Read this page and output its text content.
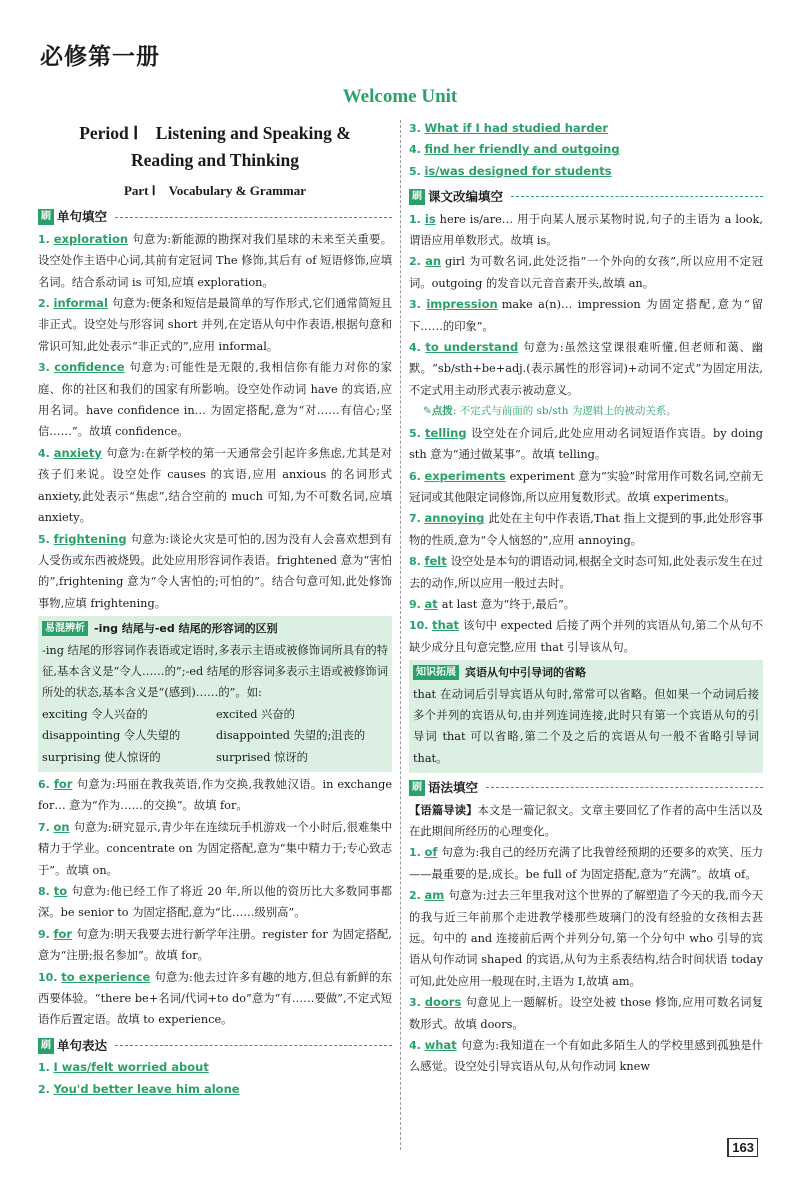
必修第一册
Welcome Unit
Period Ⅰ　Listening and Speaking &
Reading and Thinking
Part Ⅰ　Vocabulary & Grammar
刷 单句填空
1. exploration 句意为:新能源的勘探对我们星球的未来至关重要。设空处作主语中心词,其前有定冠词 The 修饰,其后有 of 短语修饰,应填名词。结合系动词 is 可知,应填 exploration。
2. informal 句意为:便条和短信是最简单的写作形式,它们通常简短且非正式。设空处与形容词 short 并列,在定语从句中作表语,根据句意和常识可知,此处表示“非正式的”,应用 informal。
3. confidence 句意为:可能性是无限的,我相信你有能力对你的家庭、你的社区和我们的国家有所影响。设空处作动词 have 的宾语,应用名词。have confidence in… 为固定搭配,意为“对……有信心;坚信……”。故填 confidence。
4. anxiety 句意为:在新学校的第一天通常会引起许多焦虑,尤其是对孩子们来说。设空处作 causes 的宾语,应用 anxious 的名词形式 anxiety,此处表示“焦虑”,结合空前的 much 可知,为不可数名词,应填 anxiety。
5. frightening 句意为:谈论火灾是可怕的,因为没有人会喜欢想到有人受伤或东西被烧毁。此处应用形容词作表语。frightened 意为“害怕的”,frightening 意为“令人害怕的;可怕的”。结合句意可知,此处修饰事物,应填 frightening。
易混辨析 -ing 结尾与-ed 结尾的形容词的区别

-ing 结尾的形容词作表语或定语时,多表示主语或被修饰词所具有的特征,基本含义是“令人……的”;-ed 结尾的形容词多表示主语或被修饰词所处的状态,基本含义是“(感到)……的”。如:

exciting 令人兴奋的	excited 兴奋的
disappointing 令人失望的	disappointed 失望的;沮丧的
surprising 使人惊讶的	surprised 惊讶的
6. for 句意为:玛丽在教我英语,作为交换,我教她汉语。in exchange for… 意为“作为……的交换”。故填 for。
7. on 句意为:研究显示,青少年在连续玩手机游戏一个小时后,很难集中精力于学业。concentrate on 为固定搭配,意为“集中精力于;专心致志于”。故填 on。
8. to 句意为:他已经工作了将近 20 年,所以他的资历比大多数同事都深。be senior to 为固定搭配,意为“比……级别高”。
9. for 句意为:明天我要去进行新学年注册。register for 为固定搭配,意为“注册;报名参加”。故填 for。
10. to experience 句意为:他去过许多有趣的地方,但总有新鲜的东西要体验。“there be+名词/代词+to do”意为“有……要做”,不定式短语作后置定语。故填 to experience。
刷 单句表达
1. I was/felt worried about
2. You'd better leave him alone
3. What if I had studied harder
4. find her friendly and outgoing
5. is/was designed for students
刷 课文改编填空
1. is here is/are… 用于向某人展示某物时说,句子的主语为 a look,谓语应用单数形式。故填 is。
2. an girl 为可数名词,此处泛指“一个外向的女孩”,所以应用不定冠词。outgoing 的发音以元音音素开头,故填 an。
3. impression make a(n)… impression 为固定搭配,意为“留下……的印象”。
4. to understand 句意为:虽然这堂课很难听懂,但老师和蔼、幽默。“sb/sth+be+adj.(表示属性的形容词)+动词不定式”为固定用法,不定式用主动形式表示被动意义。
✎点拨: 不定式与前面的 sb/sth 为逻辑上的被动关系。
5. telling 设空处在介词后,此处应用动名词短语作宾语。by doing sth 意为“通过做某事”。故填 telling。
6. experiments experiment 意为“实验”时常用作可数名词,空前无冠词或其他限定词修饰,所以应用复数形式。故填 experiments。
7. annoying 此处在主句中作表语,That 指上文提到的事,此处形容事物的性质,意为“令人恼怒的”,应用 annoying。
8. felt 设空处是本句的谓语动词,根据全文时态可知,此处表示发生在过去的动作,所以应用一般过去时。
9. at at last 意为“终于,最后”。
10. that 该句中 expected 后接了两个并列的宾语从句,第二个从句不缺少成分且句意完整,应用 that 引导该从句。
知识拓展 宾语从句中引导词的省略

that 在动词后引导宾语从句时,常常可以省略。但如果一个动词后接多个并列的宾语从句,由并列连词连接,此时只有第一个宾语从句的引导词 that 可以省略,第二个及之后的宾语从句一般不省略引导词 that。

刷 语法填空
【语篇导读】本文是一篇记叙文。文章主要回忆了作者的高中生活以及在此期间所经历的心理变化。
1. of 句意为:我自己的经历充满了比我曾经预期的还要多的欢笑、压力——最重要的是,成长。be full of 为固定搭配,意为“充满”。故填 of。
2. am 句意为:过去三年里我对这个世界的了解塑造了今天的我,而今天的我与近三年前那个走进教学楼那些玻璃门的没有经验的女孩相去甚远。句中的 and 连接前后两个并列分句,第一个分句中 who 引导的宾语从句作动词 shaped 的宾语,从句为主系表结构,结合时间状语 today 可知,此处应用一般现在时,主语为 I,故填 am。
3. doors 句意见上一题解析。设空处被 those 修饰,应用可数名词复数形式。故填 doors。
4. what 句意为:我知道在一个有如此多陌生人的学校里感到孤独是什么感觉。设空处引导宾语从句,从句作动词 knew
163
